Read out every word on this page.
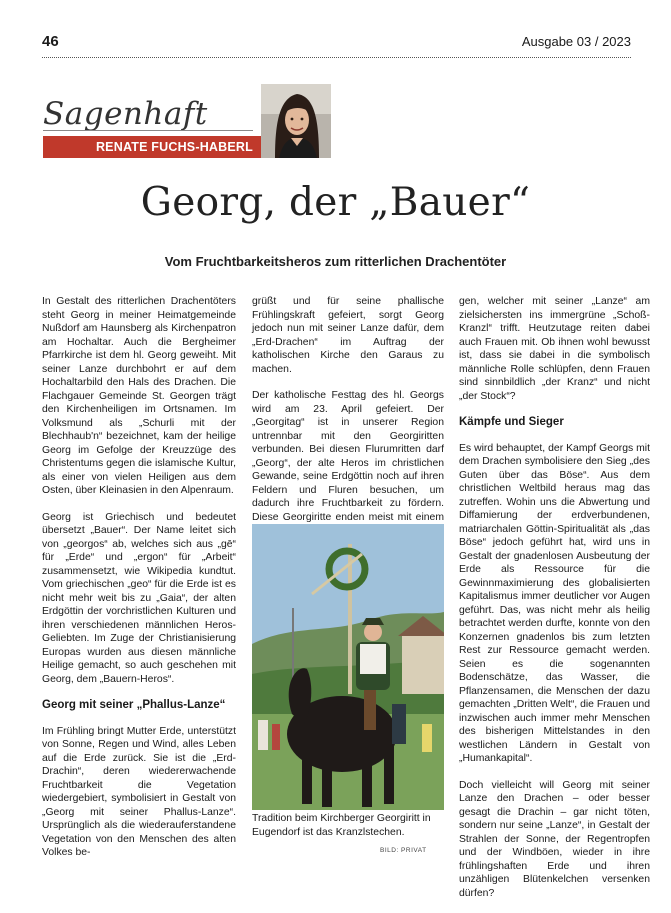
46	Ausgabe 03 / 2023
Sagenhaft
RENATE FUCHS-HABERL
Georg, der „Bauer“
Vom Fruchtbarkeitsheros zum ritterlichen Drachentöter

In Gestalt des ritterlichen Drachentöters steht Georg in meiner Heimatgemeinde Nußdorf am Haunsberg als Kirchenpatron am Hochaltar. Auch die Bergheimer Pfarrkirche ist dem hl. Georg geweiht. Mit seiner Lanze durchbohrt er auf dem Hochaltarbild den Hals des Drachen. Die Flachgauer Gemeinde St. Georgen trägt den Kirchenheiligen im Ortsnamen. Im Volksmund als „Schurli mit der Blechhaub'n“ bezeichnet, kam der heilige Georg im Gefolge der Kreuzzüge des Christentums gegen die islamische Kultur, als einer von vielen Heiligen aus dem Osten, über Kleinasien in den Alpenraum.

Georg ist Griechisch und bedeutet übersetzt „Bauer“. Der Name leitet sich von „georgos“ ab, welches sich aus „gē“ für „Erde“ und „ergon“ für „Arbeit“ zusammensetzt, wie Wikipedia kundtut. Vom griechischen „geo“ für die Erde ist es nicht mehr weit bis zu „Gaia“, der alten Erdgöttin der vorchristlichen Kulturen und ihren verschiedenen männlichen Heros-Geliebten. Im Zuge der Christianisierung Europas wurden aus diesen männliche Heilige gemacht, so auch geschehen mit Georg, dem „Bauern-Heros“.

Georg mit seiner „Phallus-Lanze“

Im Frühling bringt Mutter Erde, unterstützt von Sonne, Regen und Wind, alles Leben auf die Erde zurück. Sie ist die „Erd-Drachin“, deren wiedererwachende Fruchtbarkeit die Vegetation wiedergebiert, symbolisiert in Gestalt von „Georg mit seiner Phallus-Lanze“. Ursprünglich als die wiederauferstandene Vegetation von den Menschen des alten Volkes be-

grüßt und für seine phallische Frühlingskraft gefeiert, sorgt Georg jedoch nun mit seiner Lanze dafür, dem „Erd-Drachen“ im Auftrag der katholischen Kirche den Garaus zu machen.

Der katholische Festtag des hl. Georgs wird am 23. April gefeiert. Der „Georgitag“ ist in unserer Region untrennbar mit den Georgiritten verbunden. Bei diesen Flurumritten darf „Georg“, der alte Heros im christlichen Gewande, seine Erdgöttin noch auf ihren Feldern und Fluren besuchen, um dadurch ihre Fruchtbarkeit zu fördern. Diese Georgiritte enden meist mit einem

gen, welcher mit seiner „Lanze“ am zielsichersten ins immergrüne „Schoß-Kranzl“ trifft. Heutzutage reiten dabei auch Frauen mit. Ob ihnen wohl bewusst ist, dass sie dabei in die symbolisch männliche Rolle schlüpfen, denn Frauen sind sinnbildlich „der Kranz“ und nicht „der Stock“?

Kämpfe und Sieger

Es wird behauptet, der Kampf Georgs mit dem Drachen symbolisiere den Sieg „des Guten über das Böse“. Aus dem christlichen Weltbild heraus mag das zutreffen. Wohin uns die Abwertung und Diffamierung der erdverbundenen, matriarchalen Göttin-Spiritualität als „das Böse“ jedoch geführt hat, wird uns in Gestalt der gnadenlosen Ausbeutung der Erde als Ressource für die Gewinnmaximierung des globalisierten Kapitalismus immer deutlicher vor Augen geführt. Das, was nicht mehr als heilig betrachtet werden durfte, konnte von den Konzernen gnadenlos bis zum letzten Rest zur Ressource gemacht werden. Seien es die sogenannten Bodenschätze, das Wasser, die Pflanzensamen, die Menschen der dazu gemachten „Dritten Welt“, die Frauen und inzwischen auch immer mehr Menschen des bisherigen Mittelstandes in den westlichen Ländern in Gestalt von „Humankapital“.

Doch vielleicht will Georg mit seiner Lanze den Drachen – oder besser gesagt die Drachin – gar nicht töten, sondern nur seine „Lanze“, in Gestalt der Strahlen der Sonne, der Regentropfen und der Windböen, wieder in ihre frühlingshaften Erde und ihren unzähligen Blütenkelchen versenken dürfen?

Tradition beim Kirchberger Georgiritt in Eugendorf ist das Kranzlstechen.
BILD: PRIVAT
